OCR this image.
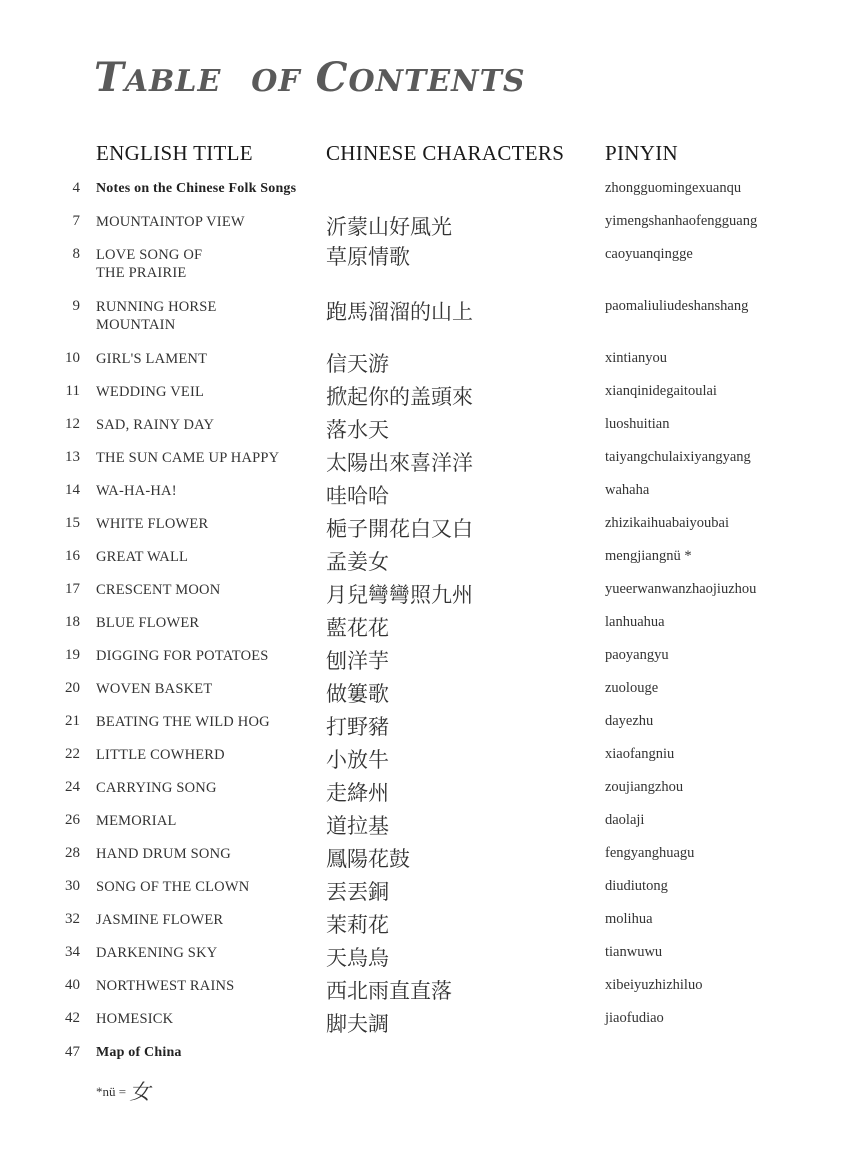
TABLE OF CONTENTS
ENGLISH TITLE	CHINESE CHARACTERS PINYIN
4 Notes on the Chinese Folk Songs	zhongguomingexuanqu
7 MOUNTAINTOP VIEW	沂蒙山好風光	yimengshanhaofengguang
8 LOVE SONG OF
THE PRAIRIE
草原情歌	caoyuanqingge
9 RUNNING HORSE
MOUNTAIN
跑馬溜溜的山上	paomaliuliudeshanshang
10 GIRL'S LAMENT	信天游	xintianyou
11 WEDDING VEIL	掀起你的盖頭來	xianqinidegaitoulai
12 SAD, RAINY DAY	落水天	luoshuitian
13 THE SUN CAME UP HAPPY 太陽出來喜洋洋	taiyangchulaixiyangyang
14 WA-HA-HA!	哇哈哈	wahaha
15 WHITE FLOWER	梔子開花白又白	zhizikaihuabaiyoubai
16 GREAT WALL	孟姜女	mengjiangnü *
17 CRESCENT MOON	月兒彎彎照九州	yueerwanwanzhaojiuzhou
18 BLUE FLOWER	藍花花	lanhuahua
19 DIGGING FOR POTATOES	刨洋芋	paoyangyu
20 WOVEN BASKET	做簍歌	zuolouge
21 BEATING THE WILD HOG	打野豬	dayezhu
22 LITTLE COWHERD	小放牛	xiaofangniu
24 CARRYING SONG	走絳州	zoujiangzhou
26 MEMORIAL	道拉基	daolaji
28 HAND DRUM SONG	鳳陽花鼓	fengyanghuagu
30 SONG OF THE CLOWN	丟丟銅	diudiutong
32 JASMINE FLOWER	茉莉花	molihua
34 DARKENING SKY	天烏烏	tianwuwu
40 NORTHWEST RAINS	西北雨直直落	xibeiyuzhizhiluo
42 HOMESICK	脚夫調	jiaofudiao
47 Map of China
*nü = 女
